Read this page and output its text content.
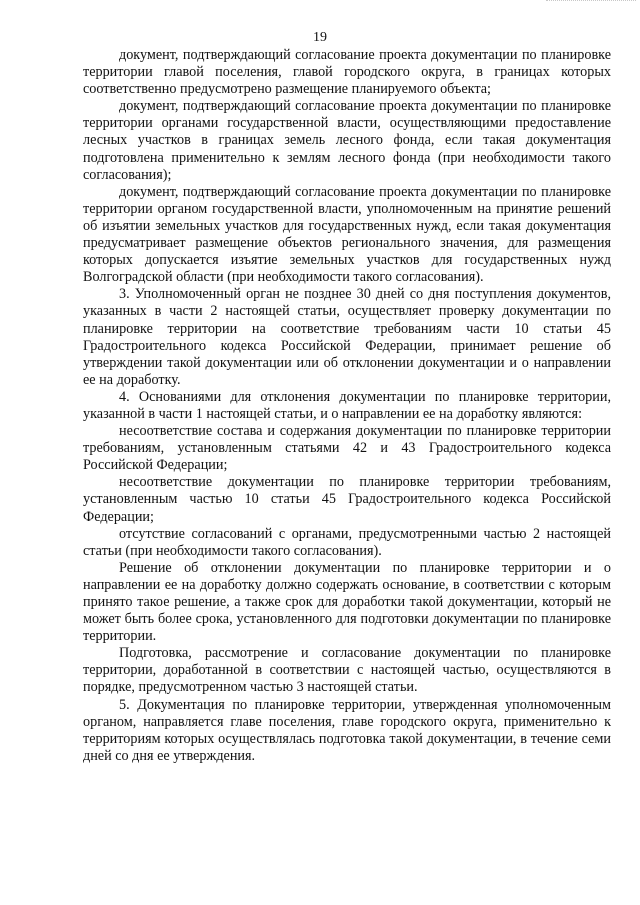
19

документ, подтверждающий согласование проекта документации по планировке территории главой поселения, главой городского округа, в границах которых соответственно предусмотрено размещение планируемого объекта;

документ, подтверждающий согласование проекта документации по планировке территории органами государственной власти, осуществляющими предоставление лесных участков в границах земель лесного фонда, если такая документация подготовлена применительно к землям лесного фонда (при необходимости такого согласования);

документ, подтверждающий согласование проекта документации по планировке территории органом государственной власти, уполномоченным на принятие решений об изъятии земельных участков для государственных нужд, если такая документация предусматривает размещение объектов регионального значения, для размещения которых допускается изъятие земельных участков для государственных нужд Волгоградской области (при необходимости такого согласования).

3. Уполномоченный орган не позднее 30 дней со дня поступления документов, указанных в части 2 настоящей статьи, осуществляет проверку документации по планировке территории на соответствие требованиям части 10 статьи 45 Градостроительного кодекса Российской Федерации, принимает решение об утверждении такой документации или об отклонении документации и о направлении ее на доработку.

4. Основаниями для отклонения документации по планировке территории, указанной в части 1 настоящей статьи, и о направлении ее на доработку являются:

несоответствие состава и содержания документации по планировке территории требованиям, установленным статьями 42 и 43 Градостроительного кодекса Российской Федерации;

несоответствие документации по планировке территории требованиям, установленным частью 10 статьи 45 Градостроительного кодекса Российской Федерации;

отсутствие согласований с органами, предусмотренными частью 2 настоящей статьи (при необходимости такого согласования).

Решение об отклонении документации по планировке территории и о направлении ее на доработку должно содержать основание, в соответствии с которым принято такое решение, а также срок для доработки такой документации, который не может быть более срока, установленного для подготовки документации по планировке территории.

Подготовка, рассмотрение и согласование документации по планировке территории, доработанной в соответствии с настоящей частью, осуществляются в порядке, предусмотренном частью 3 настоящей статьи.

5. Документация по планировке территории, утвержденная уполномоченным органом, направляется главе поселения, главе городского округа, применительно к территориям которых осуществлялась подготовка такой документации, в течение семи дней со дня ее утверждения.
